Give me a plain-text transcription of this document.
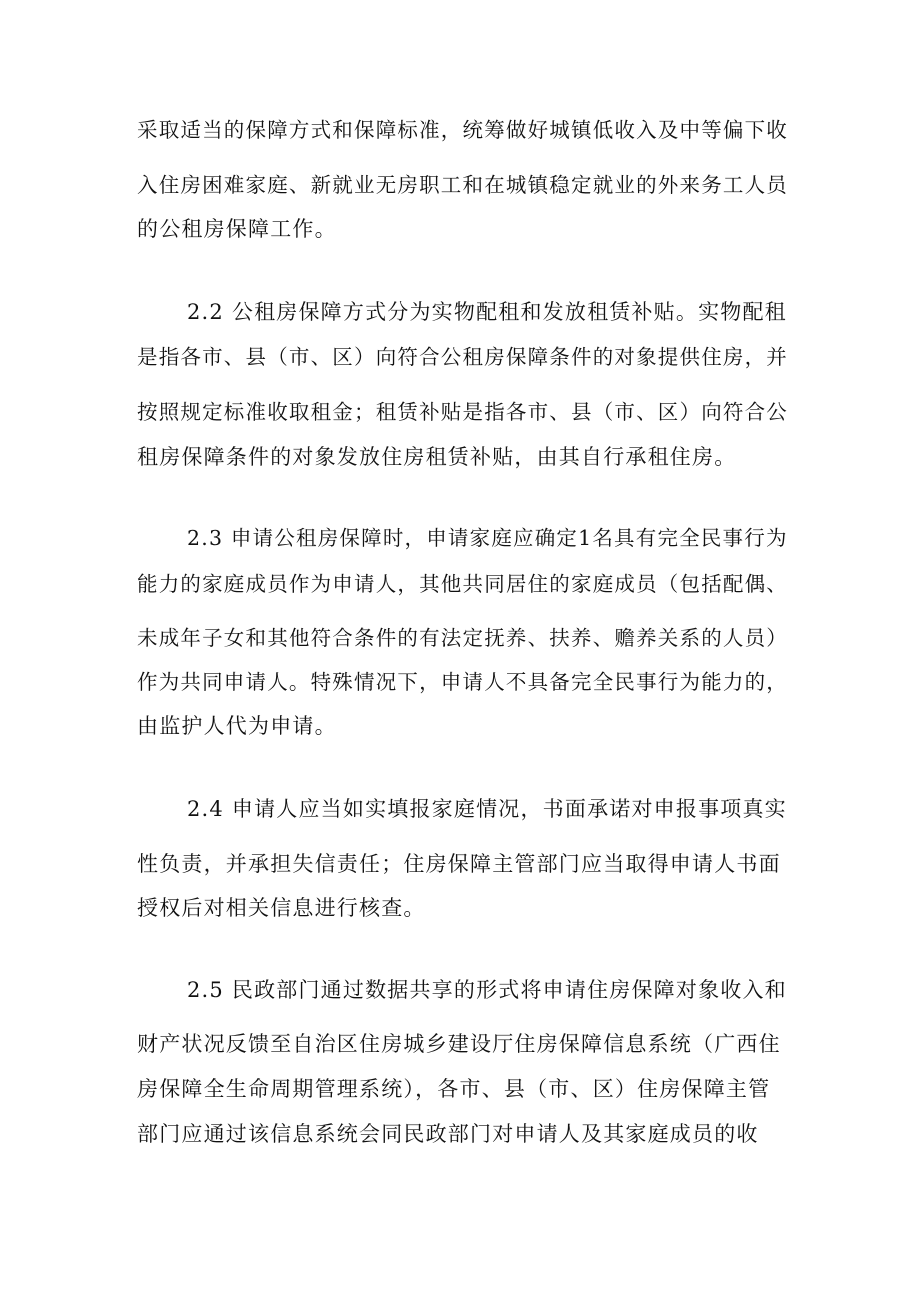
采取适当的保障方式和保障标准，统筹做好城镇低收入及中等偏下收
入住房困难家庭、新就业无房职工和在城镇稳定就业的外来务工人员
的公租房保障工作。
2.2 公租房保障方式分为实物配租和发放租赁补贴。实物配租
是指各市、县（市、区）向符合公租房保障条件的对象提供住房，并
按照规定标准收取租金；租赁补贴是指各市、县（市、区）向符合公
租房保障条件的对象发放住房租赁补贴，由其自行承租住房。
2.3 申请公租房保障时，申请家庭应确定1名具有完全民事行为
能力的家庭成员作为申请人，其他共同居住的家庭成员（包括配偶、
未成年子女和其他符合条件的有法定抚养、扶养、赡养关系的人员）
作为共同申请人。特殊情况下，申请人不具备完全民事行为能力的，
由监护人代为申请。
2.4 申请人应当如实填报家庭情况，书面承诺对申报事项真实
性负责，并承担失信责任；住房保障主管部门应当取得申请人书面
授权后对相关信息进行核查。
2.5 民政部门通过数据共享的形式将申请住房保障对象收入和
财产状况反馈至自治区住房城乡建设厅住房保障信息系统（广西住
房保障全生命周期管理系统），各市、县（市、区）住房保障主管
部门应通过该信息系统会同民政部门对申请人及其家庭成员的收
